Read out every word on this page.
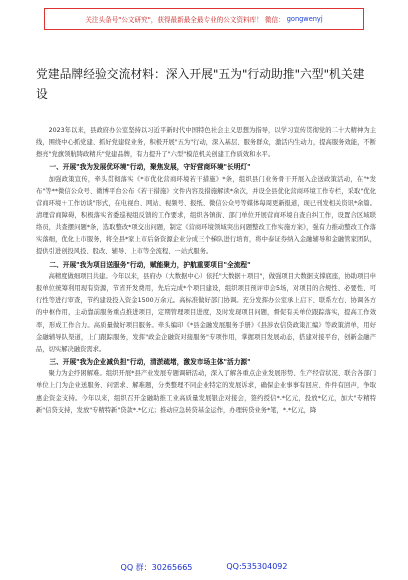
关注头条号"公文研究"，获得最新最全最专业的公文资料库！ 微信： gongwenyj
党建品牌经验交流材料：深入开展"五为"行动助推"六型"机关建设

2023年以来，县政府办公室坚持以习近平新时代中国特色社会主义思想为指导，以学习宣传贯彻党的二十大精神为主线，围绕中心抓党建、抓好党建促业务，积极开展"五为"行动，深入基层、服务群众，激活内生动力，提高服务效能，不断擦亮"党旗领航铸政精兵"党建品牌，有力提升了"六型"模范机关创建工作质效和水平。

一、开展"我为发展优环境"行动，聚焦发展，守好营商环境"长明灯"

加强政策宣传，牵头贯彻落实《*市优化营商环境若干措施》*条，组织县门业务骨干开展入企送政策活动，在"*发布"等**微信公众号、微博平台公布《若干措施》文件内容及措施解读*余次，并设全县优化营商环境工作专栏，采取"优化营商环境＋工作访谈"形式，在电视台、网站、视频号、报纸、微信公众号等媒体每周更新报道，现已刊发相关资讯*余篇。清理营商障碍，积极落实省委巡视组反馈的工作要求，组织各镇街、部门单位开展营商环境自查自纠工作，设置合区域联络员，共查摆问题*条，选取整改*项交出问题，制定《营商环境领域突出问题整改工作实施方案》，强有力推动整改工作落实落细，优化上市服务，将全县*家上市后备资源企业分成三个梯队进行培育，将中泰证券纳入金融辅导和金融管家团队，提供引进创投风投、股改、辅导、上市等全流程、一站式服务。

二、开展"我为项目送服务"行动，赋能聚力，护航重要项目"全流程"

高精度做细项目共建。今年以来，县府办（大数据中心）依托"大数据＋项目"，做强项目大数据支撑底座，协助项目申报单位统筹利用现有资源，节省开发费用，先后完成*个项目建设，组织项目预评审会5场，对项目的合规性、必要性、可行性等进行审查，节约建设投入资金1500万余元。高标准做好部门协调。充分发挥办公室承上启下、联系左右、协调各方的中枢作用，主动靠前服务重点推进项目，定期管理项目进度，及时发现项目问题，督促有关单位跟踪落实，提高工作效率，形成工作合力。高质量做好项目服务。牵头编印《*县金融发展服务手册》《县涉农信贷政策汇编》等政策清单，用好金融辅导队渠道，上门跟踪服务，发挥"政金企融资对接服务"专项作用，掌握项目发展动态，搭建对接平台，创新金融产品，切实解决融资需求。

三、开展"我为企业减负担"行动，清淤疏堵，激发市场主体"活力源"

聚力为企纾困解难。组织开展*县产业发展专题调研活动，深入了解各重点企业发展形势、生产经营状况、联合各部门单位上门为企业送服务、问需求、解难题，分类整理不同企业特定的发展诉求，确保企业事事有回应、件件有回声，争取惠企资金支持。今年以来，组织召开金融助推工业高质量发展银企对接会，签约授信*.*亿元，投放*亿元，加大"专精特新"信贷支持，发放"专精特新"贷款*.*亿元；推动应急转贷基金运作，办理转贷业务*笔，*.*亿元，降

QQ 群：30265665	QQ:535304092
